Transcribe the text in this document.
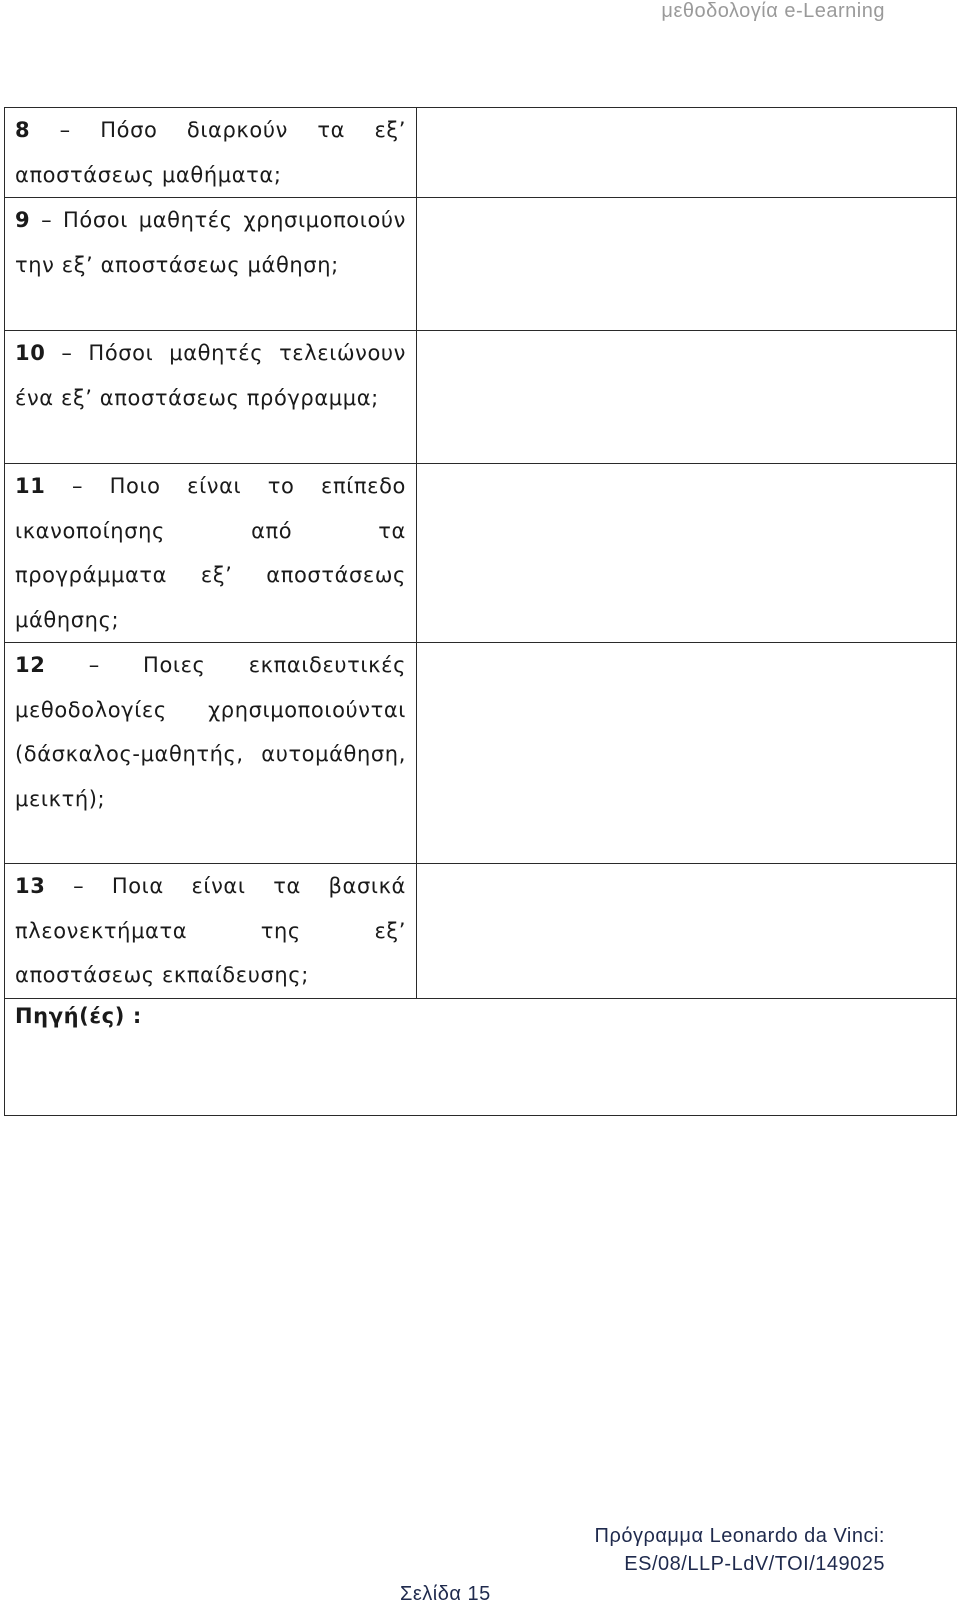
μεθοδολογία e-Learning

8 – Πόσο διαρκούν τα εξ’ αποστάσεως μαθήματα;	

9 – Πόσοι μαθητές χρησιμοποιούν την εξ’ αποστάσεως μάθηση;	

10 – Πόσοι μαθητές τελειώνουν ένα εξ’ αποστάσεως πρόγραμμα;	

11 – Ποιο είναι το επίπεδο ικανοποίησης από τα προγράμματα εξ’ αποστάσεως μάθησης;	

12 – Ποιες εκπαιδευτικές μεθοδολογίες χρησιμοποιούνται (δάσκαλος-μαθητής, αυτομάθηση, μεικτή);	

13 – Ποια είναι τα βασικά πλεονεκτήματα της εξ’ αποστάσεως εκπαίδευσης;	

Πηγή(ές) :	
Πρόγραμμα Leonardo da Vinci:
ES/08/LLP-LdV/TOI/149025
Σελίδα 15
